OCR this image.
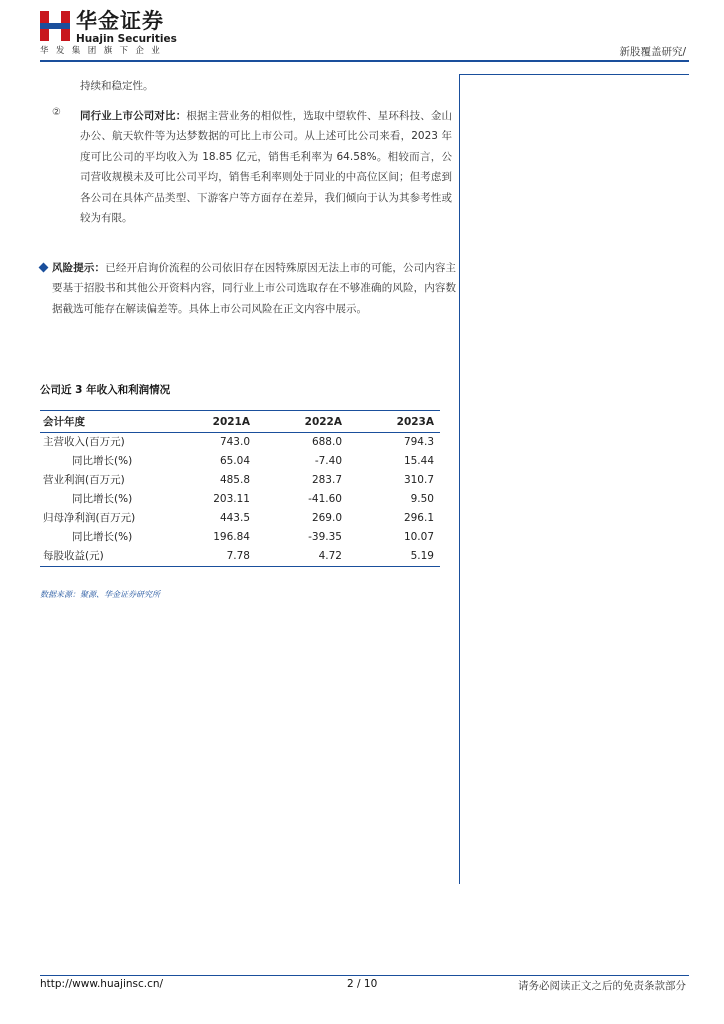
华金证券
Huajin Securities
华发集团旗下企业	新股覆盖研究/
持续和稳定性。
② 同行业上市公司对比：根据主营业务的相似性，选取中望软件、星环科技、金山办公、航天软件等为达梦数据的可比上市公司。从上述可比公司来看，2023 年度可比公司的平均收入为 18.85 亿元，销售毛利率为 64.58%。相较而言，公司营收规模未及可比公司平均，销售毛利率则处于同业的中高位区间；但考虑到各公司在具体产品类型、下游客户等方面存在差异，我们倾向于认为其参考性或较为有限。
风险提示：已经开启询价流程的公司依旧存在因特殊原因无法上市的可能，公司内容主要基于招股书和其他公开资料内容，同行业上市公司选取存在不够准确的风险，内容数据截选可能存在解读偏差等。具体上市公司风险在正文内容中展示。
公司近 3 年收入和利润情况
会计年度	2021A	2022A	2023A
主营收入(百万元)	743.0	688.0	794.3
同比增长(%)	65.04	-7.40	15.44
营业利润(百万元)	485.8	283.7	310.7
同比增长(%)	203.11	-41.60	9.50
归母净利润(百万元)	443.5	269.0	296.1
同比增长(%)	196.84	-39.35	10.07
每股收益(元)	7.78	4.72	5.19
数据来源：聚源、华金证券研究所
http://www.huajinsc.cn/	2 / 10	请务必阅读正文之后的免责条款部分
